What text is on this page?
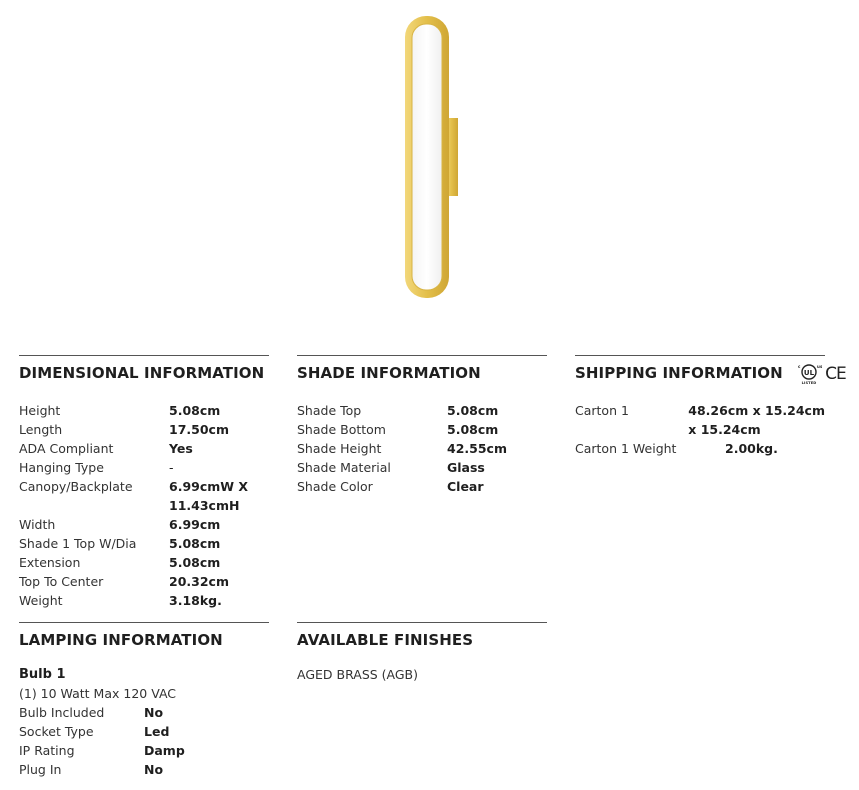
DIMENSIONAL INFORMATION
Height	5.08cm
Length	17.50cm
ADA Compliant	Yes
Hanging Type	-
Canopy/Backplate	6.99cmW X
11.43cmH
Width	6.99cm
Shade 1 Top W/Dia	5.08cm
Extension	5.08cm
Top To Center	20.32cm
Weight	3.18kg.
SHADE INFORMATION
Shade Top	5.08cm
Shade Bottom	5.08cm
Shade Height	42.55cm
Shade Material	Glass
Shade Color	Clear
SHIPPING INFORMATION	UL
c	us
LISTED CE
Carton 1	48.26cm x 15.24cm
x 15.24cm
Carton 1 Weight	2.00kg.
LAMPING INFORMATION
Bulb 1
(1) 10 Watt Max 120 VAC
Bulb Included	No
Socket Type	Led
IP Rating	Damp
Plug In	No
AVAILABLE FINISHES
AGED BRASS (AGB)
